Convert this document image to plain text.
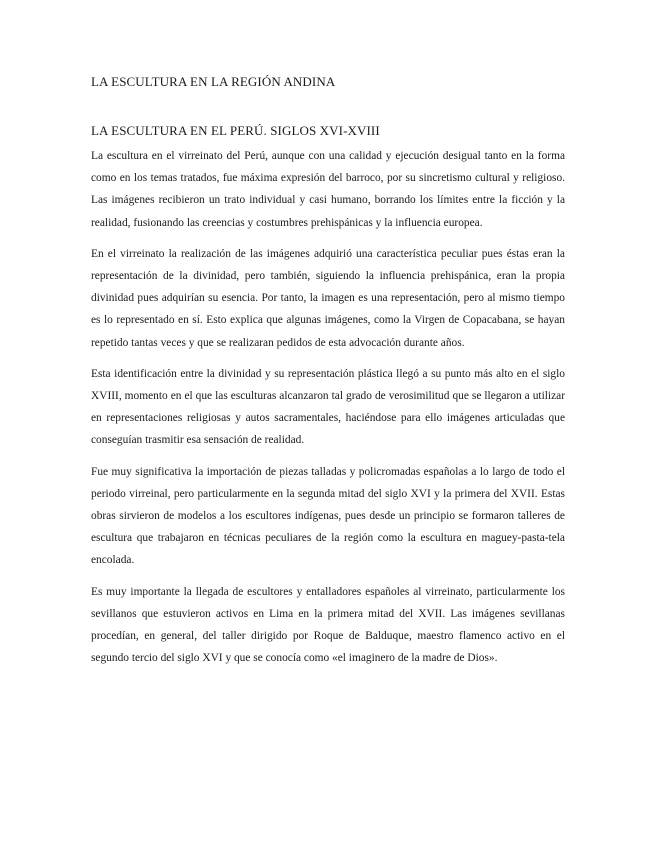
LA ESCULTURA EN LA REGIÓN ANDINA
LA ESCULTURA EN EL PERÚ. SIGLOS XVI-XVIII

La escultura en el virreinato del Perú, aunque con una calidad y ejecución desigual tanto en la forma como en los temas tratados, fue máxima expresión del barroco, por su sincretismo cultural y religioso. Las imágenes recibieron un trato individual y casi humano, borrando los límites entre la ficción y la realidad, fusionando las creencias y costumbres prehispánicas y la influencia europea.

En el virreinato la realización de las imágenes adquirió una característica peculiar pues éstas eran la representación de la divinidad, pero también, siguiendo la influencia prehispánica, eran la propia divinidad pues adquirían su esencia. Por tanto, la imagen es una representación, pero al mismo tiempo es lo representado en sí. Esto explica que algunas imágenes, como la Virgen de Copacabana, se hayan repetido tantas veces y que se realizaran pedidos de esta advocación durante años.

Esta identificación entre la divinidad y su representación plástica llegó a su punto más alto en el siglo XVIII, momento en el que las esculturas alcanzaron tal grado de verosimilitud que se llegaron a utilizar en representaciones religiosas y autos sacramentales, haciéndose para ello imágenes articuladas que conseguían trasmitir esa sensación de realidad.

Fue muy significativa la importación de piezas talladas y policromadas españolas a lo largo de todo el periodo virreinal, pero particularmente en la segunda mitad del siglo XVI y la primera del XVII. Estas obras sirvieron de modelos a los escultores indígenas, pues desde un principio se formaron talleres de escultura que trabajaron en técnicas peculiares de la región como la escultura en maguey-pasta-tela encolada.

Es muy importante la llegada de escultores y entalladores españoles al virreinato, particularmente los sevillanos que estuvieron activos en Lima en la primera mitad del XVII. Las imágenes sevillanas procedían, en general, del taller dirigido por Roque de Balduque, maestro flamenco activo en el segundo tercio del siglo XVI y que se conocía como «el imaginero de la madre de Dios».
